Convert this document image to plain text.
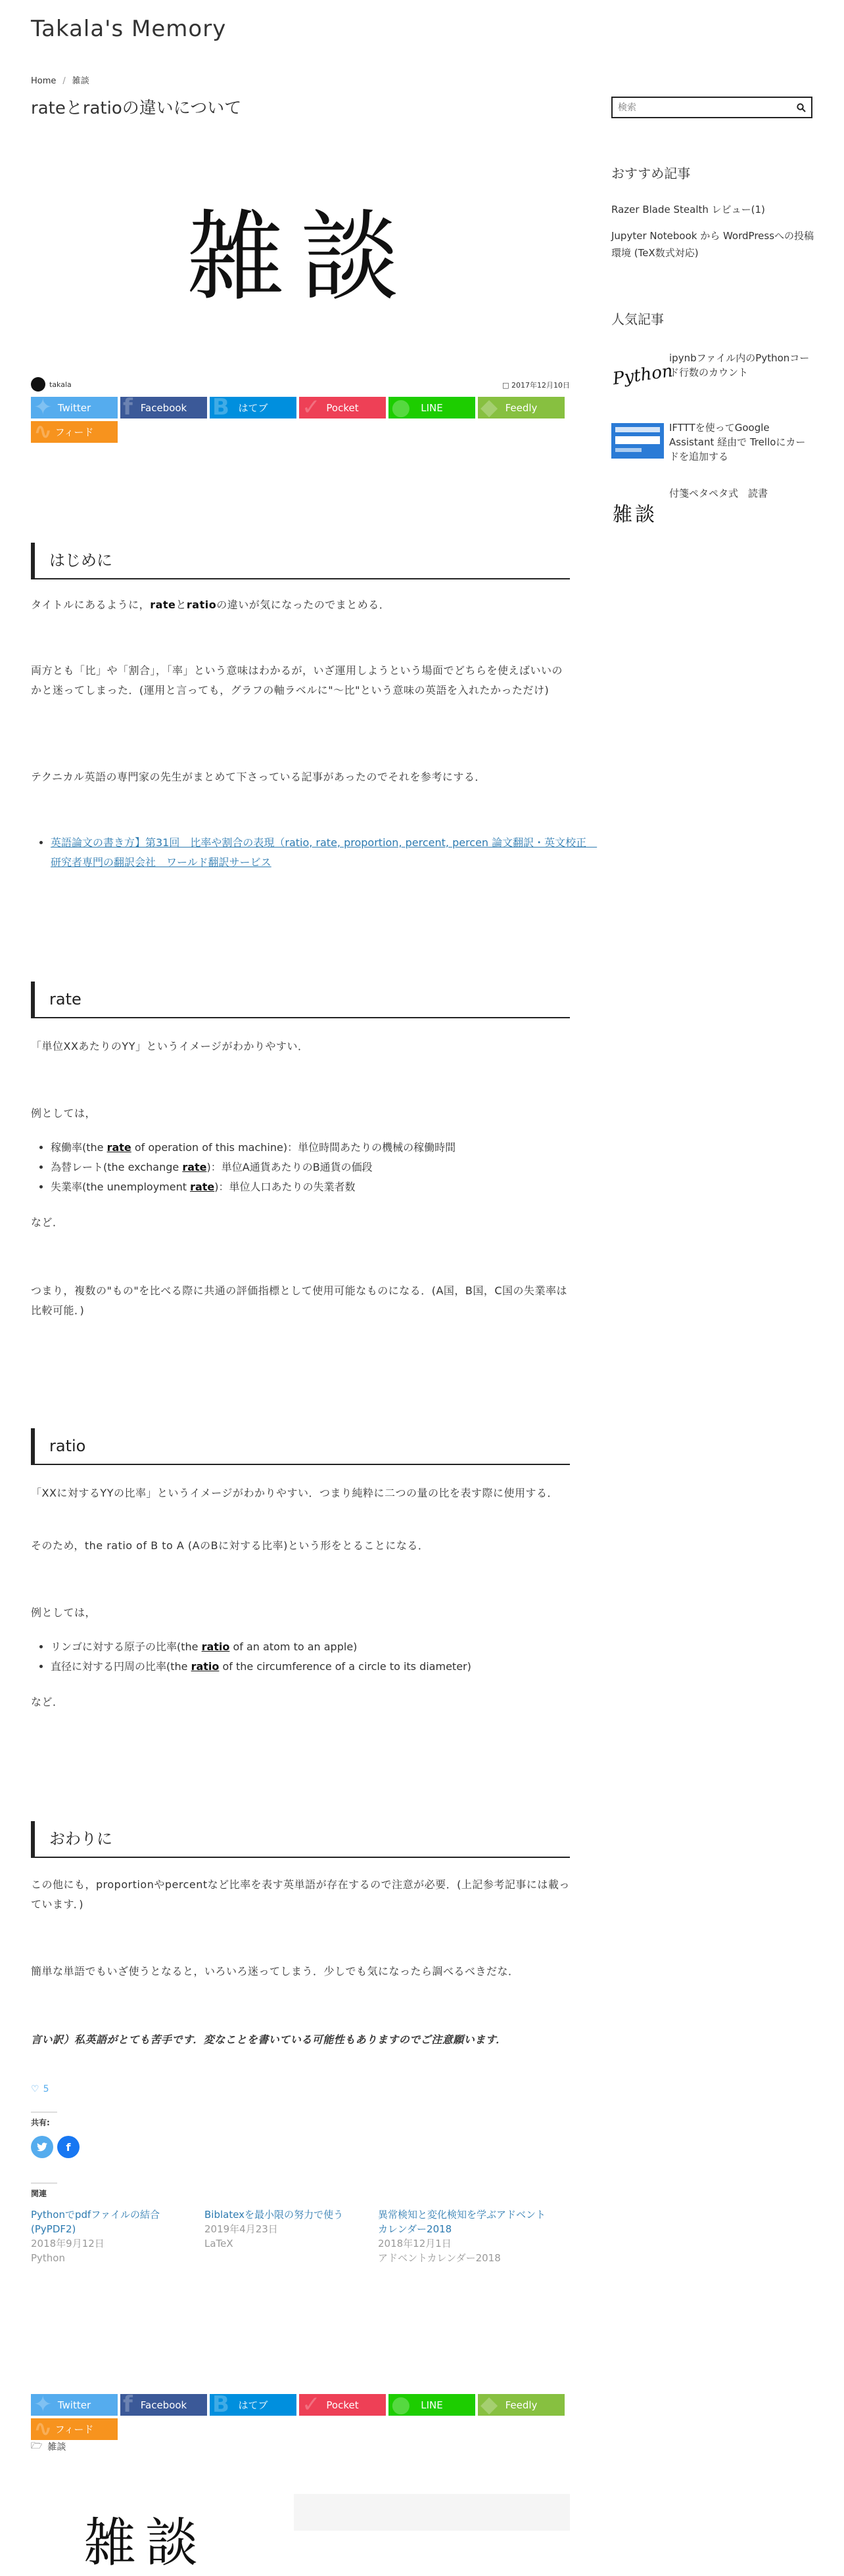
Takala's Memory
Home / 雑談
rateとratioの違いについて
雑談
takala	□ 2017年12月10日
✦ Twitter f Facebook B はてブ ✓ Pocket ● LINE ◆ Feedly
∿ フィード
はじめに

タイトルにあるように，rateとratioの違いが気になったのでまとめる．

両方とも「比」や「割合」，「率」という意味はわかるが，いざ運用しようという場面でどちらを使えばいいのかと迷ってしまった．(運用と言っても，グラフの軸ラベルに"〜比"という意味の英語を入れたかっただけ)

テクニカル英語の専門家の先生がまとめて下さっている記事があったのでそれを参考にする．

• 英語論文の書き方】第31回　比率や割合の表現（ratio, rate, proportion, percent, percen 論文翻訳・英文校正　研究者専門の翻訳会社　ワールド翻訳サービス
rate

「単位XXあたりのYY」というイメージがわかりやすい．

例としては，

• 稼働率(the rate of operation of this machine)：単位時間あたりの機械の稼働時間
• 為替レート(the exchange rate)：単位A通貨あたりのB通貨の価段
• 失業率(the unemployment rate)：単位人口あたりの失業者数

など．

つまり，複数の"もの"を比べる際に共通の評価指標として使用可能なものになる．(A国，B国，C国の失業率は比較可能．)

ratio

「XXに対するYYの比率」というイメージがわかりやすい．つまり純粋に二つの量の比を表す際に使用する．

そのため，the ratio of B to A (AのBに対する比率)という形をとることになる．

例としては，

• リンゴに対する原子の比率(the ratio of an atom to an apple)
• 直径に対する円周の比率(the ratio of the circumference of a circle to its diameter)

など．

おわりに

この他にも，proportionやpercentなど比率を表す英単語が存在するので注意が必要．(上記参考記事には載っています．)

簡単な単語でもいざ使うとなると，いろいろ迷ってしまう．少しでも気になったら調べるべきだな．

言い訳）私英語がとても苦手です．変なことを書いている可能性もありますのでご注意願います．

♡ 5
共有:
f
関連
Pythonでpdfファイルの結合(PyPDF2)
2018年9月12日
Python
Biblatexを最小限の努力で使う
2019年4月23日
LaTeX
異常検知と変化検知を学ぶアドベントカレンダー2018
2018年12月1日
アドベントカレンダー2018
✦ Twitter f Facebook B はてブ ✓ Pocket ● LINE ◆ Feedly
∿ フィード
🗁 雑談
雑談
検索
おすすめ記事
Razer Blade Stealth レビュー(1)
Jupyter Notebook から WordPressへの投稿環境 (TeX数式対応)
人気記事
Python
ipynbファイル内のPythonコード行数のカウント
IFTTTを使ってGoogle Assistant 経由で Trelloにカードを追加する
雑談
付箋ペタペタ式　読書
